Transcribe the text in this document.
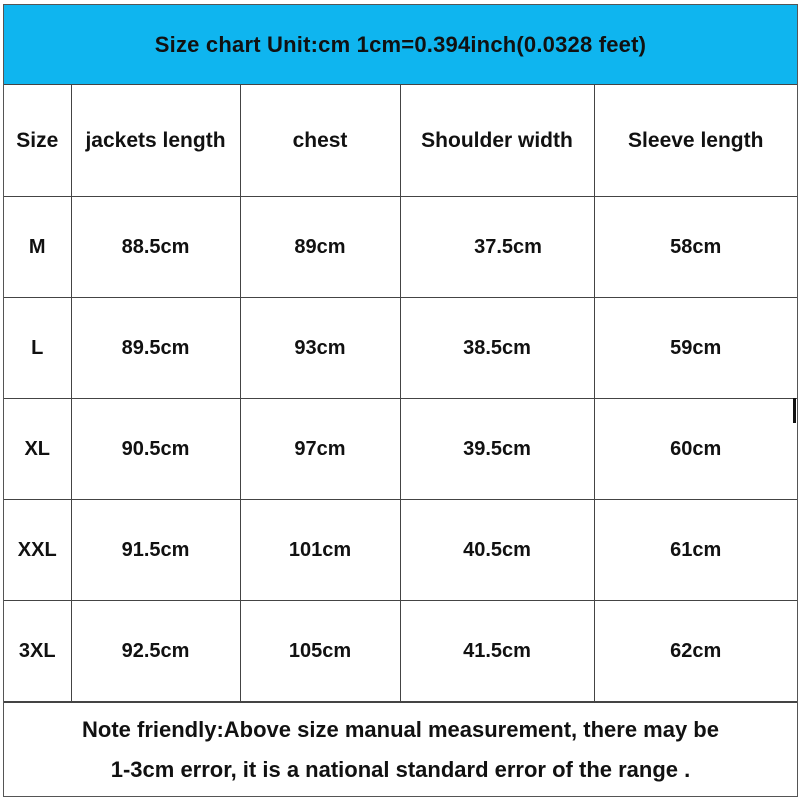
Size chart Unit:cm 1cm=0.394inch(0.0328 feet)
Size	jackets length	chest	Shoulder width	Sleeve length
M	88.5cm	89cm	37.5cm	58cm
L	89.5cm	93cm	38.5cm	59cm
XL	90.5cm	97cm	39.5cm	60cm
XXL	91.5cm	101cm	40.5cm	61cm
3XL	92.5cm	105cm	41.5cm	62cm
Note friendly:Above size manual measurement, there may be
1-3cm error, it is a national standard error of the range .
